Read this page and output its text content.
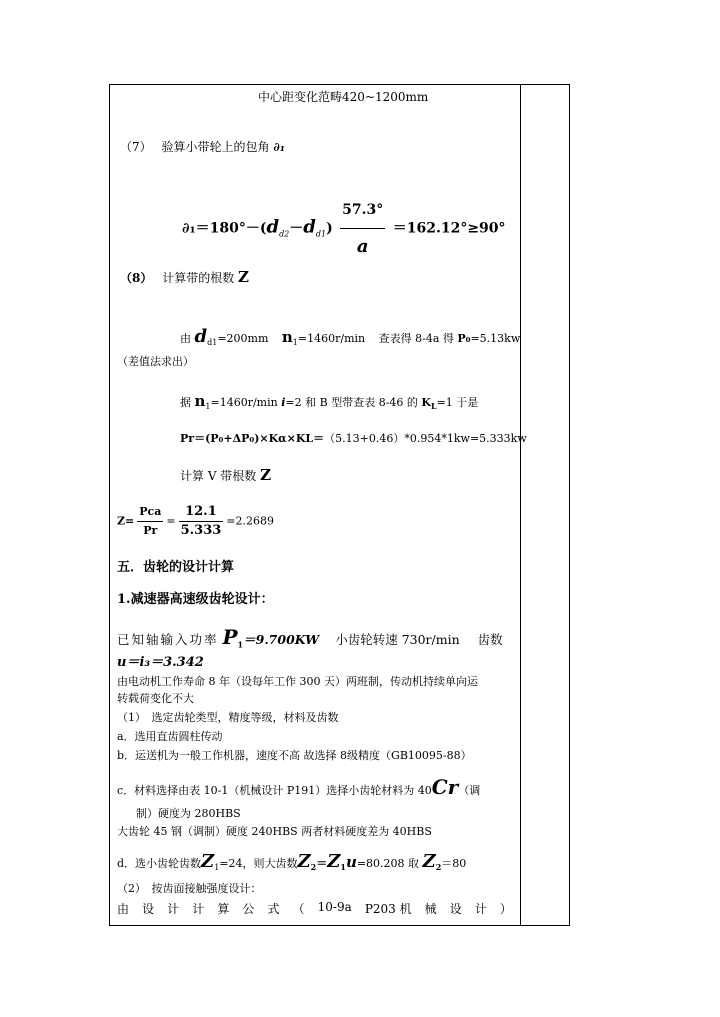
中心距变化范畴420~1200mm
（7） 验算小带轮上的包角 ∂₁
$\partial_1=180^\circ-(d_{d2}-d_{d1}) \frac{57.3^\circ}{a} =162.12^\circ\ge 90^\circ$
（8） 计算带的根数 Z
由 $d_{d1}=200mm$ $n_1=1460r/\min$ 查表得 8-4a 得 P₀=5.13kw
（差值法求出）
据 $n_1=1460r/\min$ i=2 和 B 型带查表 8-46 的 $K_L=1$ 于是
Pr＝(P₀+ΔP₀)×Kα×KL＝（5.13+0.46）*0.954*1kw=5.333kw
计算 V 带根数 Z
$Z= \frac{\text{Pca}}{Pr} = \frac{12.1}{5.333} =2.2689$
五．齿轮的设计计算
1.减速器高速级齿轮设计：
已知轴输入功率 $P_1=9.700KW$ 小齿轮转速 730r/min 齿数
u＝i₃＝3.342
由电动机工作寿命 8 年（设每年工作 300 天）两班制，传动机持续单向运
转载荷变化不大
（1）　选定齿轮类型，精度等级，材料及齿数
a．选用直齿圆柱传动
b．运送机为一般工作机器，速度不高 故选择 8级精度（GB10095-88）
c．材料选择由表 10-1（机械设计 P191）选择小齿轮材料为 40Cr（调
制）硬度为 280HBS
大齿轮 45 钢（调制）硬度 240HBS 两者材料硬度差为 40HBS
d．选小齿轮齿数$Z_1=24$，则大齿数$Z_2=Z_1u=80.208$ 取 $Z_2=80$
（2）　按齿面接触强度设计：
由 设 计 计 算 公 式 （ 10-9a P203 机 械 设 计 ）
